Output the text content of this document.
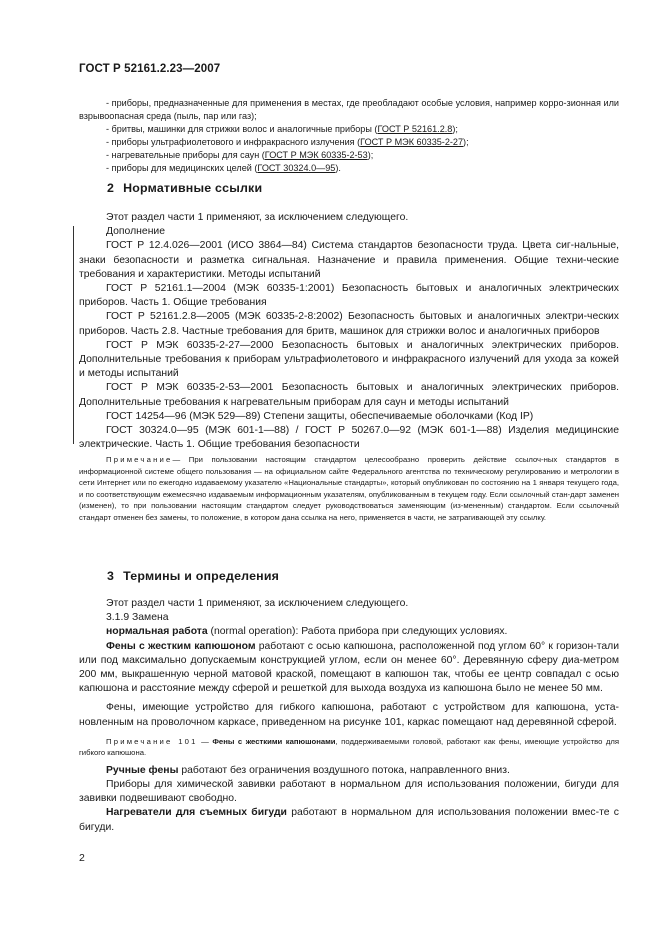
ГОСТ Р 52161.2.23—2007
- приборы, предназначенные для применения в местах, где преобладают особые условия, например корро-зионная или взрывоопасная среда (пыль, пар или газ);
- бритвы, машинки для стрижки волос и аналогичные приборы (ГОСТ Р 52161.2.8);
- приборы ультрафиолетового и инфракрасного излучения (ГОСТ Р МЭК 60335-2-27);
- нагревательные приборы для саун (ГОСТ Р МЭК 60335-2-53);
- приборы для медицинских целей (ГОСТ 30324.0—95).
2 Нормативные ссылки
Этот раздел части 1 применяют, за исключением следующего.
Дополнение
ГОСТ Р 12.4.026—2001 (ИСО 3864—84) Система стандартов безопасности труда. Цвета сиг-нальные, знаки безопасности и разметка сигнальная. Назначение и правила применения. Общие техни-ческие требования и характеристики. Методы испытаний
ГОСТ Р 52161.1—2004 (МЭК 60335-1:2001) Безопасность бытовых и аналогичных электрических приборов. Часть 1. Общие требования
ГОСТ Р 52161.2.8—2005 (МЭК 60335-2-8:2002) Безопасность бытовых и аналогичных электри-ческих приборов. Часть 2.8. Частные требования для бритв, машинок для стрижки волос и аналогичных приборов
ГОСТ Р МЭК 60335-2-27—2000 Безопасность бытовых и аналогичных электрических приборов. Дополнительные требования к приборам ультрафиолетового и инфракрасного излучений для ухода за кожей и методы испытаний
ГОСТ Р МЭК 60335-2-53—2001 Безопасность бытовых и аналогичных электрических приборов. Дополнительные требования к нагревательным приборам для саун и методы испытаний
ГОСТ 14254—96 (МЭК 529—89) Степени защиты, обеспечиваемые оболочками (Код IP)
ГОСТ 30324.0—95 (МЭК 601-1—88) / ГОСТ Р 50267.0—92 (МЭК 601-1—88) Изделия медицинские электрические. Часть 1. Общие требования безопасности
Примечание— При пользовании настоящим стандартом целесообразно проверить действие ссылоч-ных стандартов в информационной системе общего пользования — на официальном сайте Федерального агентства по техническому регулированию и метрологии в сети Интернет или по ежегодно издаваемому указателю «Национальные стандарты», который опубликован по состоянию на 1 января текущего года, и по соответствующим ежемесячно издаваемым информационным указателям, опубликованным в текущем году. Если ссылочный стан-дарт заменен (изменен), то при пользовании настоящим стандартом следует руководствоваться заменяющим (из-мененным) стандартом. Если ссылочный стандарт отменен без замены, то положение, в котором дана ссылка на него, применяется в части, не затрагивающей эту ссылку.
3 Термины и определения
Этот раздел части 1 применяют, за исключением следующего.
3.1.9 Замена
нормальная работа (normal operation): Работа прибора при следующих условиях.
Фены с жестким капюшоном работают с осью капюшона, расположенной под углом 60° к горизон-тали или под максимально допускаемым конструкцией углом, если он менее 60°. Деревянную сферу диа-метром 200 мм, выкрашенную черной матовой краской, помещают в капюшон так, чтобы ее центр совпадал с осью капюшона и расстояние между сферой и решеткой для выхода воздуха из капюшона было не менее 50 мм.
Фены, имеющие устройство для гибкого капюшона, работают с устройством для капюшона, уста-новленным на проволочном каркасе, приведенном на рисунке 101, каркас помещают над деревянной сферой.
Примечание 101 — Фены с жесткими капюшонами, поддерживаемыми головой, работают как фены, имеющие устройство для гибкого капюшона.
Ручные фены работают без ограничения воздушного потока, направленного вниз.
Приборы для химической завивки работают в нормальном для использования положении, бигуди для завивки подвешивают свободно.
Нагреватели для съемных бигуди работают в нормальном для использования положении вмес-те с бигуди.
2
